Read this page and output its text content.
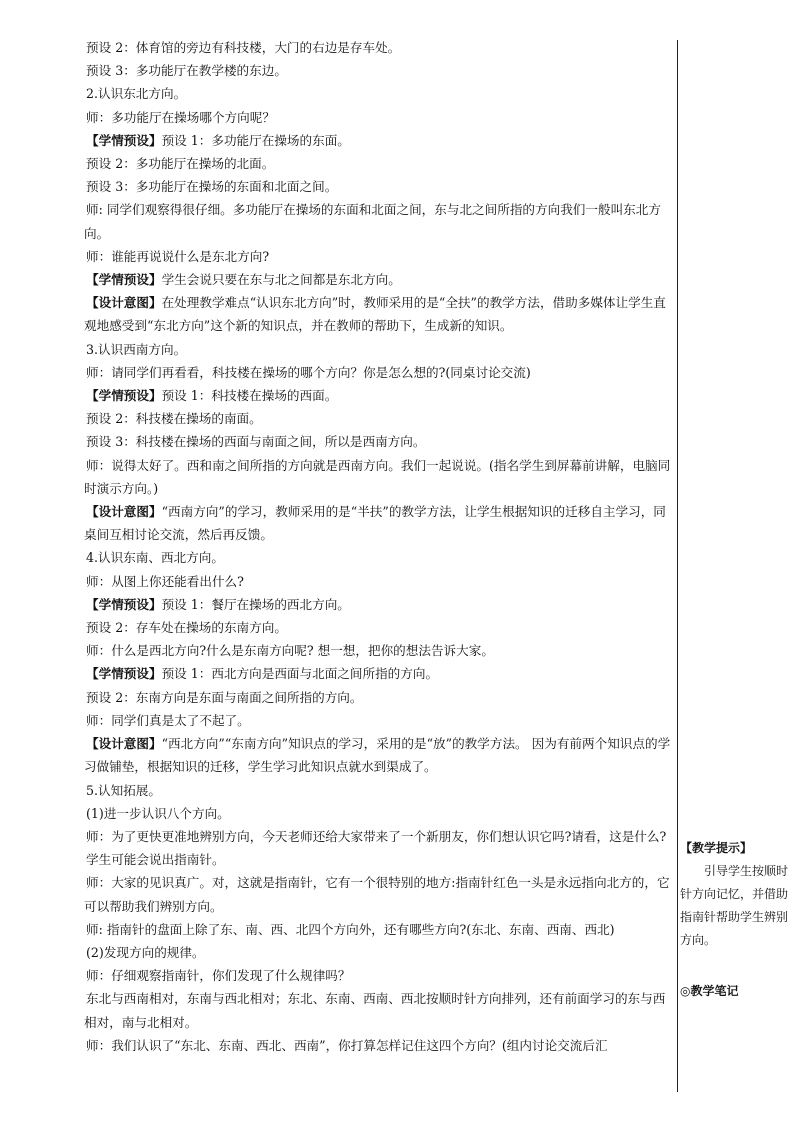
预设 2：体育馆的旁边有科技楼，大门的右边是存车处。
预设 3：多功能厅在教学楼的东边。
2.认识东北方向。
师：多功能厅在操场哪个方向呢？
【学情预设】预设 1：多功能厅在操场的东面。
预设 2：多功能厅在操场的北面。
预设 3：多功能厅在操场的东面和北面之间。
师: 同学们观察得很仔细。多功能厅在操场的东面和北面之间，东与北之间所指的方向我们一般叫东北方向。
师：谁能再说说什么是东北方向?
【学情预设】学生会说只要在东与北之间都是东北方向。
【设计意图】在处理教学难点“认识东北方向”时，教师采用的是“全扶”的教学方法，借助多媒体让学生直观地感受到“东北方向”这个新的知识点，并在教师的帮助下，生成新的知识。
3.认识西南方向。
师：请同学们再看看，科技楼在操场的哪个方向？你是怎么想的?(同桌讨论交流)
【学情预设】预设 1：科技楼在操场的西面。
预设 2：科技楼在操场的南面。
预设 3：科技楼在操场的西面与南面之间，所以是西南方向。
师：说得太好了。西和南之间所指的方向就是西南方向。我们一起说说。(指名学生到屏幕前讲解，电脑同时演示方向。)
【设计意图】“西南方向”的学习，教师采用的是“半扶”的教学方法，让学生根据知识的迁移自主学习，同桌间互相讨论交流，然后再反馈。
4.认识东南、西北方向。
师：从图上你还能看出什么?
【学情预设】预设 1：餐厅在操场的西北方向。
预设 2：存车处在操场的东南方向。
师：什么是西北方向?什么是东南方向呢? 想一想，把你的想法告诉大家。
【学情预设】预设 1：西北方向是西面与北面之间所指的方向。
预设 2：东南方向是东面与南面之间所指的方向。
师：同学们真是太了不起了。
【设计意图】“西北方向”“东南方向”知识点的学习，采用的是“放”的教学方法。 因为有前两个知识点的学习做铺垫，根据知识的迁移，学生学习此知识点就水到渠成了。
5.认知拓展。
(1)进一步认识八个方向。
师：为了更快更准地辨别方向，今天老师还给大家带来了一个新朋友，你们想认识它吗?请看，这是什么?
学生可能会说出指南针。
师：大家的见识真广。对，这就是指南针，它有一个很特别的地方:指南针红色一头是永远指向北方的，它可以帮助我们辨别方向。
师: 指南针的盘面上除了东、南、西、北四个方向外，还有哪些方向?(东北、东南、西南、西北)
(2)发现方向的规律。
师：仔细观察指南针，你们发现了什么规律吗？
东北与西南相对，东南与西北相对；东北、东南、西南、西北按顺时针方向排列，还有前面学习的东与西相对，南与北相对。
师：我们认识了“东北、东南、西北、西南”，你打算怎样记住这四个方向？(组内讨论交流后汇
【教学提示】
引导学生按顺时针方向记忆，并借助指南针帮助学生辨别方向。
◎教学笔记
